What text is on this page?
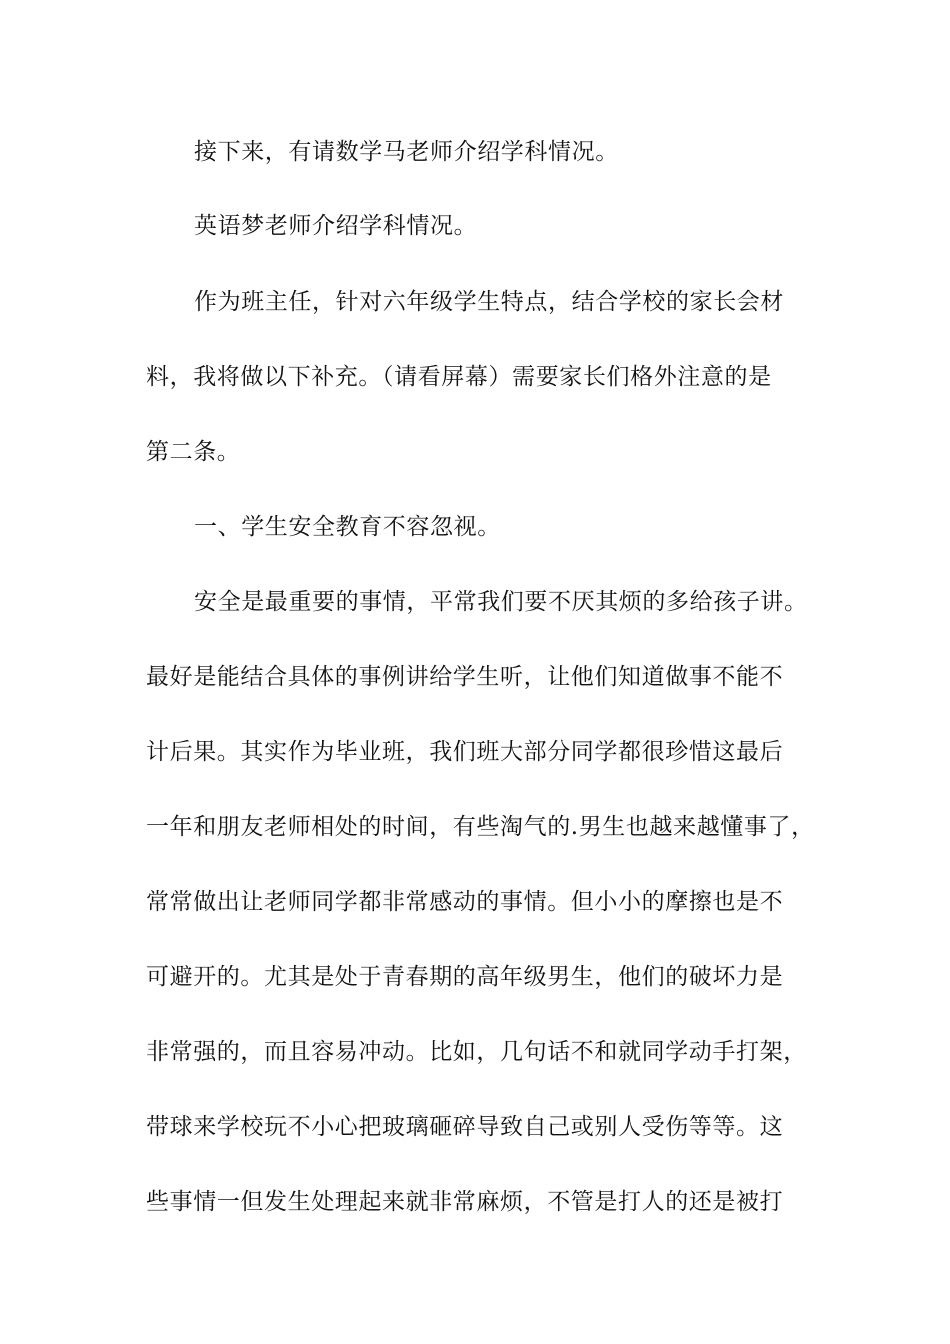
接下来，有请数学马老师介绍学科情况。
英语梦老师介绍学科情况。
作为班主任，针对六年级学生特点，结合学校的家长会材
料，我将做以下补充。（请看屏幕）需要家长们格外注意的是
第二条。
一、学生安全教育不容忽视。
安全是最重要的事情，平常我们要不厌其烦的多给孩子讲。
最好是能结合具体的事例讲给学生听，让他们知道做事不能不
计后果。其实作为毕业班，我们班大部分同学都很珍惜这最后
一年和朋友老师相处的时间，有些淘气的.男生也越来越懂事了，
常常做出让老师同学都非常感动的事情。但小小的摩擦也是不
可避开的。尤其是处于青春期的高年级男生，他们的破坏力是
非常强的，而且容易冲动。比如，几句话不和就同学动手打架，
带球来学校玩不小心把玻璃砸碎导致自己或别人受伤等等。这
些事情一但发生处理起来就非常麻烦，不管是打人的还是被打
